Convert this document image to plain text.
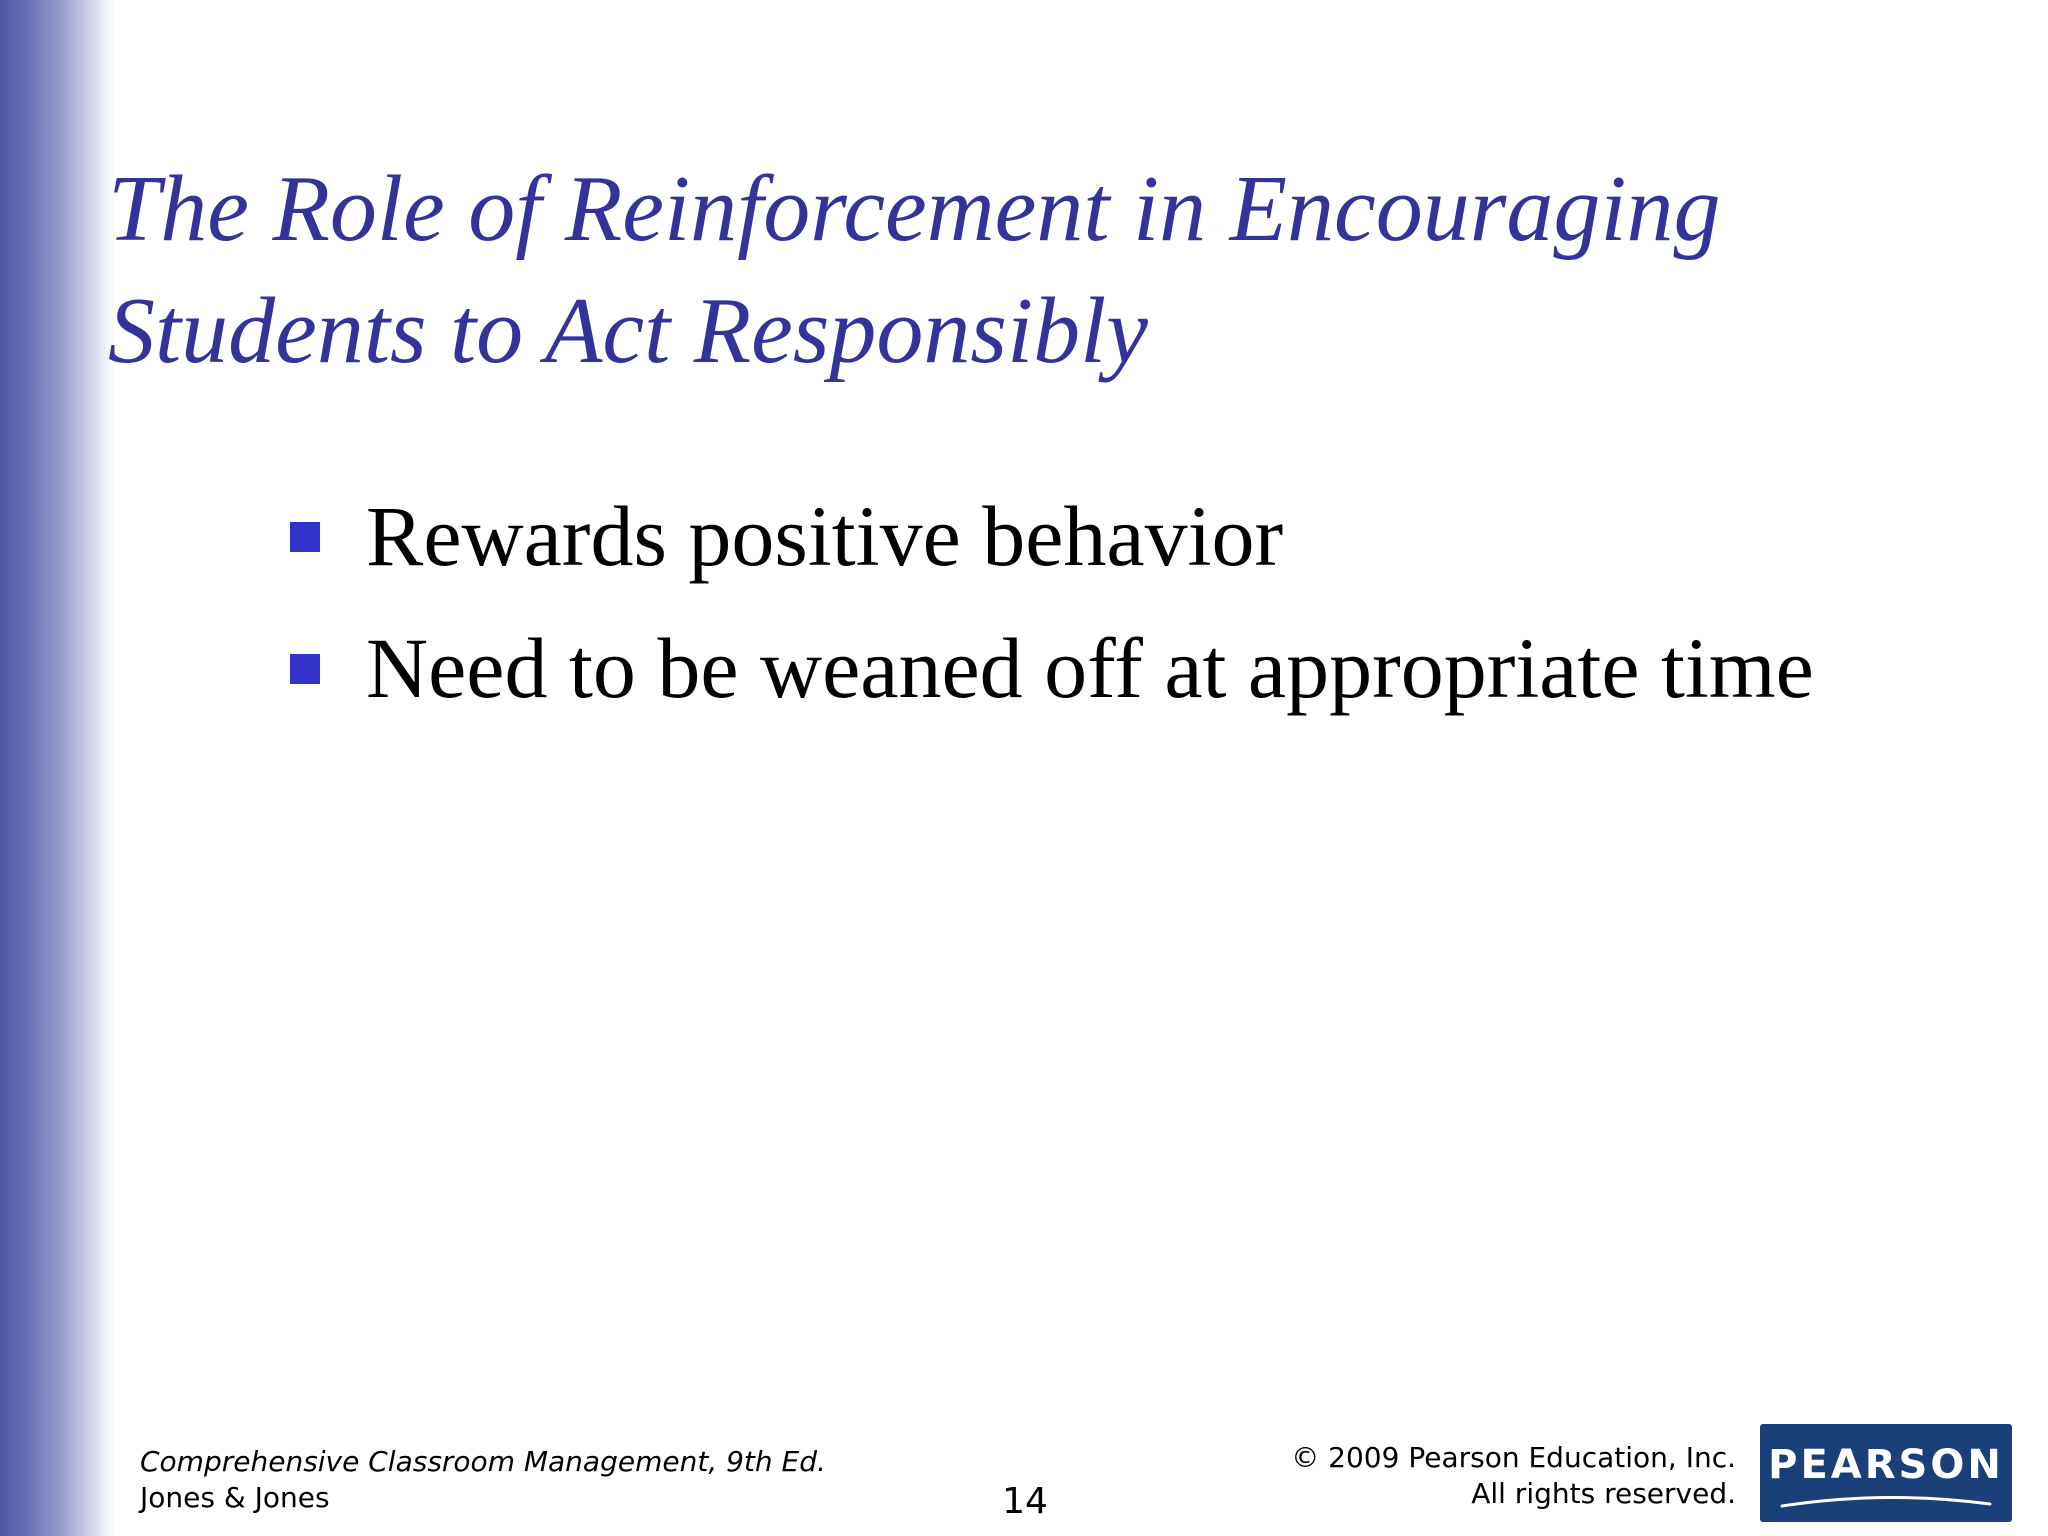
The Role of Reinforcement in Encouraging
Students to Act Responsibly
Rewards positive behavior
Need to be weaned off at appropriate time
Comprehensive Classroom Management, 9th Ed.
Jones & Jones	14
© 2009 Pearson Education, Inc.
All rights reserved.
PEARSON
